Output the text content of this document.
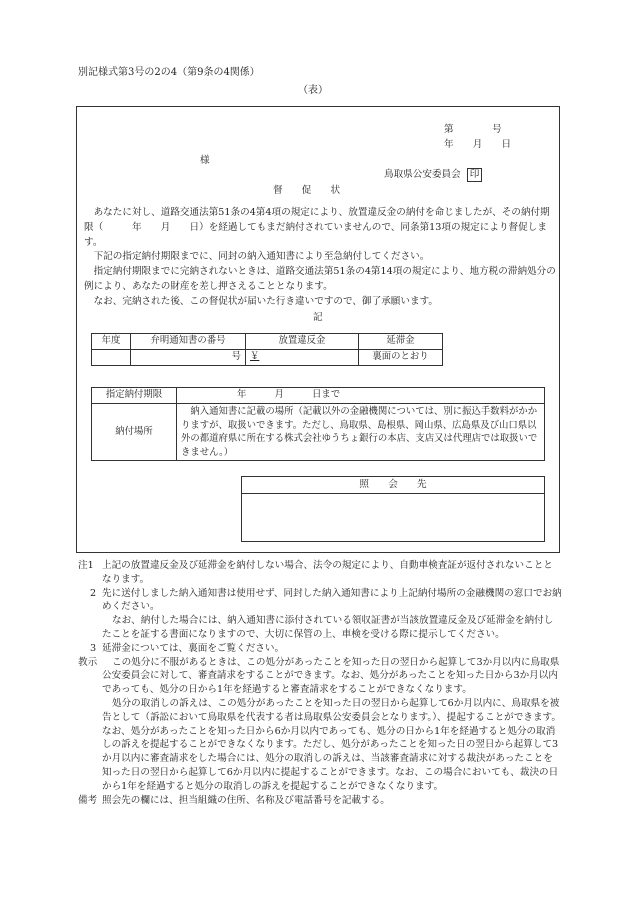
別記様式第3号の2の4（第9条の4関係）
（表）
第　　　　号
年　　月　　日
様
鳥取県公安委員会 印
督　　促　　状
　あなたに対し、道路交通法第51条の4第4項の規定により、放置違反金の納付を命じましたが、その納付期限（　　　年　　月　　日）を経過してもまだ納付されていませんので、同条第13項の規定により督促します。
　下記の指定納付期限までに、同封の納入通知書により至急納付してください。
　指定納付期限までに完納されないときは、道路交通法第51条の4第14項の規定により、地方税の滞納処分の例により、あなたの財産を差し押さえることとなります。
　なお、完納された後、この督促状が届いた行き違いですので、御了承願います。
記
年度	弁明通知書の番号	放置違反金	延滞金
	号	￥	裏面のとおり
指定納付期限	年　　　月　　　日まで
納付場所	　納入通知書に記載の場所（記載以外の金融機関については、別に振込手数料がかかりますが、取扱いできます。ただし、鳥取県、島根県、岡山県、広島県及び山口県以外の都道府県に所在する株式会社ゆうちょ銀行の本店、支店又は代理店では取扱いできません。）
照　　会　　先
注1 上記の放置違反金及び延滞金を納付しない場合、法令の規定により、自動車検査証が返付されないこととなります。
2 先に送付しました納入通知書は使用せず、同封した納入通知書により上記納付場所の金融機関の窓口でお納めください。
なお、納付した場合には、納入通知書に添付されている領収証書が当該放置違反金及び延滞金を納付したことを証する書面になりますので、大切に保管の上、車検を受ける際に提示してください。
3 延滞金については、裏面をご覧ください。
教示	この処分に不服があるときは、この処分があったことを知った日の翌日から起算して3か月以内に鳥取県公安委員会に対して、審査請求をすることができます。なお、処分があったことを知った日から3か月以内であっても、処分の日から1年を経過すると審査請求をすることができなくなります。
処分の取消しの訴えは、この処分があったことを知った日の翌日から起算して6か月以内に、鳥取県を被告として（訴訟において鳥取県を代表する者は鳥取県公安委員会となります。）、提起することができます。なお、処分があったことを知った日から6か月以内であっても、処分の日から1年を経過すると処分の取消しの訴えを提起することができなくなります。ただし、処分があったことを知った日の翌日から起算して3か月以内に審査請求をした場合には、処分の取消しの訴えは、当該審査請求に対する裁決があったことを知った日の翌日から起算して6か月以内に提起することができます。なお、この場合においても、裁決の日から1年を経過すると処分の取消しの訴えを提起することができなくなります。
備考 照会先の欄には、担当組織の住所、名称及び電話番号を記載する。
